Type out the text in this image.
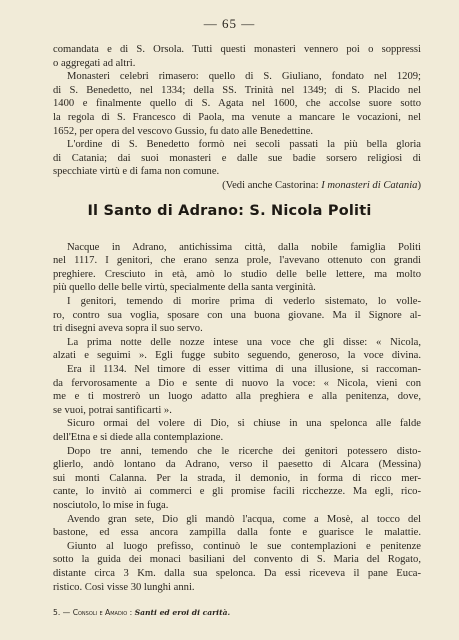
— 65 —
comandata e di S. Orsola. Tutti questi monasteri vennero poi o soppressi
o aggregati ad altri.
Monasteri celebri rimasero: quello di S. Giuliano, fondato nel 1209;
di S. Benedetto, nel 1334; della SS. Trinità nel 1349; di S. Placido nel
1400 e finalmente quello di S. Agata nel 1600, che accolse suore sotto
la regola di S. Francesco di Paola, ma venute a mancare le vocazioni, nel
1652, per opera del vescovo Gussio, fu dato alle Benedettine.
L'ordine di S. Benedetto formò nei secoli passati la più bella gloria
di Catania; dai suoi monasteri e dalle sue badie sorsero religiosi di
specchiate virtù e di fama non comune.
(Vedi anche Castorina: I monasteri di Catania)
Il Santo di Adrano: S. Nicola Politi
Nacque in Adrano, antichissima città, dalla nobile famiglia Politi
nel 1117. I genitori, che erano senza prole, l'avevano ottenuto con grandi
preghiere. Cresciuto in età, amò lo studio delle belle lettere, ma molto
più quello delle belle virtù, specialmente della santa verginità.
I genitori, temendo di morire prima di vederlo sistemato, lo volle-
ro, contro sua voglia, sposare con una buona giovane. Ma il Signore al-
tri disegni aveva sopra il suo servo.
La prima notte delle nozze intese una voce che gli disse: « Nicola,
alzati e seguimi ». Egli fugge subito seguendo, generoso, la voce divina.
Era il 1134. Nel timore di esser vittima di una illusione, si raccoman-
da fervorosamente a Dio e sente di nuovo la voce: « Nicola, vieni con
me e ti mostrerò un luogo adatto alla preghiera e alla penitenza, dove,
se vuoi, potrai santificarti ».
Sicuro ormai del volere di Dio, si chiuse in una spelonca alle falde
dell'Etna e si diede alla contemplazione.
Dopo tre anni, temendo che le ricerche dei genitori potessero disto-
glierlo, andò lontano da Adrano, verso il paesetto di Alcara (Messina)
sui monti Calanna. Per la strada, il demonio, in forma di ricco mer-
cante, lo invitò ai commerci e gli promise facili ricchezze. Ma egli, rico-
nosciutolo, lo mise in fuga.
Avendo gran sete, Dio gli mandò l'acqua, come a Mosè, al tocco del
bastone, ed essa ancora zampilla dalla fonte e guarisce le malattie.
Giunto al luogo prefisso, continuò le sue contemplazioni e penitenze
sotto la guida dei monaci basiliani del convento di S. Maria del Rogato,
distante circa 3 Km. dalla sua spelonca. Da essi riceveva il pane Euca-
ristico. Così visse 30 lunghi anni.
5. — Consoli e Amadio : Santi ed eroi di carità.
